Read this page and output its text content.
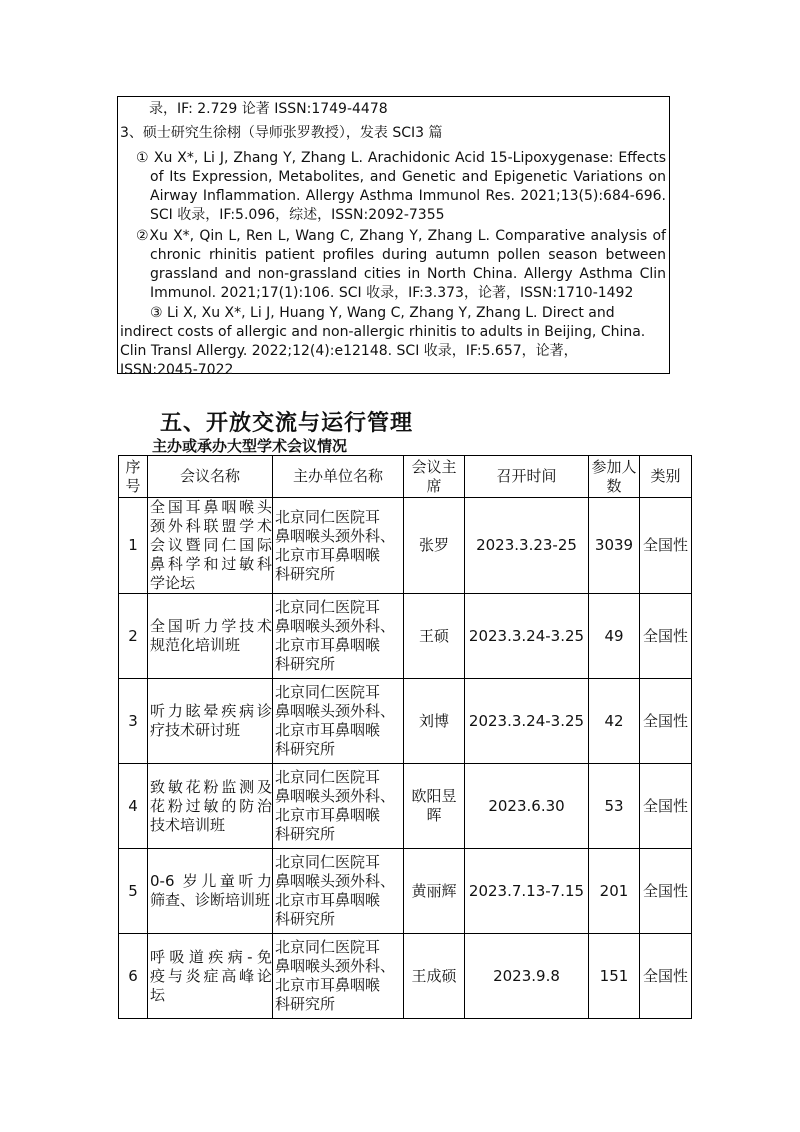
录，IF: 2.729 论著 ISSN:1749-4478
3、硕士研究生徐栩（导师张罗教授），发表 SCI3 篇
① Xu X*, Li J, Zhang Y, Zhang L. Arachidonic Acid 15-Lipoxygenase: Effects
of Its Expression, Metabolites, and Genetic and Epigenetic Variations on
Airway Inflammation. Allergy Asthma Immunol Res. 2021;13(5):684-696.
SCI 收录，IF:5.096，综述，ISSN:2092-7355
②Xu X*, Qin L, Ren L, Wang C, Zhang Y, Zhang L. Comparative analysis of
chronic rhinitis patient profiles during autumn pollen season between
grassland and non-grassland cities in North China. Allergy Asthma Clin
Immunol. 2021;17(1):106. SCI 收录，IF:3.373，论著，ISSN:1710-1492
③ Li X, Xu X*, Li J, Huang Y, Wang C, Zhang Y, Zhang L. Direct and
indirect costs of allergic and non-allergic rhinitis to adults in Beijing, China.
Clin Transl Allergy. 2022;12(4):e12148. SCI 收录，IF:5.657，论著，
ISSN:2045-7022
五、开放交流与运行管理
主办或承办大型学术会议情况
序
号	会议名称	主办单位名称	会议主
席	召开时间	参加人
数	类别
1	全国耳鼻咽喉头
颈外科联盟学术
会议暨同仁国际
鼻科学和过敏科
学论坛	北京同仁医院耳
鼻咽喉头颈外科、
北京市耳鼻咽喉
科研究所	张罗	2023.3.23-25	3039	全国性
2	全国听力学技术
规范化培训班	北京同仁医院耳
鼻咽喉头颈外科、
北京市耳鼻咽喉
科研究所	王硕	2023.3.24-3.25	49	全国性
3	听力眩晕疾病诊
疗技术研讨班	北京同仁医院耳
鼻咽喉头颈外科、
北京市耳鼻咽喉
科研究所	刘博	2023.3.24-3.25	42	全国性
4	致敏花粉监测及
花粉过敏的防治
技术培训班	北京同仁医院耳
鼻咽喉头颈外科、
北京市耳鼻咽喉
科研究所	欧阳昱
晖	2023.6.30	53	全国性
5	0-6 岁儿童听力
筛查、诊断培训班	北京同仁医院耳
鼻咽喉头颈外科、
北京市耳鼻咽喉
科研究所	黄丽辉	2023.7.13-7.15	201	全国性
6	呼吸道疾病-免
疫与炎症高峰论
坛	北京同仁医院耳
鼻咽喉头颈外科、
北京市耳鼻咽喉
科研究所	王成硕	2023.9.8	151	全国性
